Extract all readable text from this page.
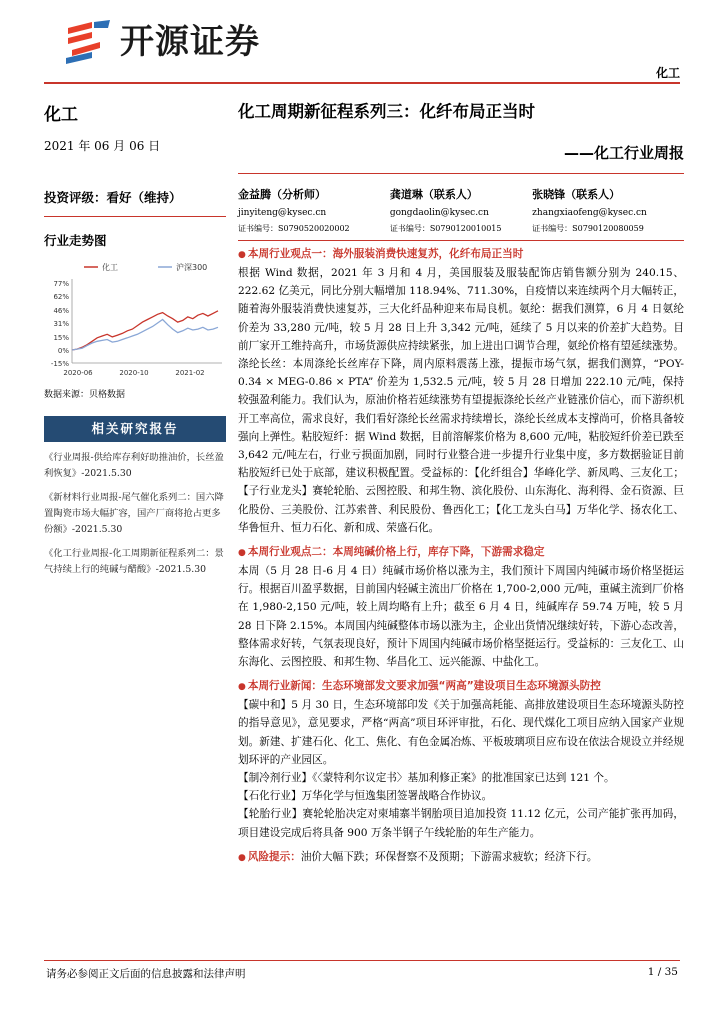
开源证券
化工
化工
2021 年 06 月 06 日
投资评级：看好（维持）
行业走势图
化工	沪深300
77%
62%
46%
31%
15%
0%
-15%
2020-06	2020-10	2021-02
数据来源：贝格数据
相关研究报告
《行业周报-供给库存利好助推油价，长丝盈利恢复》-2021.5.30
《新材料行业周报-尾气催化系列二：国六降置陶瓷市场大幅扩容，国产厂商将抢占更多份额》-2021.5.30
《化工行业周报-化工周期新征程系列二：景气持续上行的纯碱与醋酸》-2021.5.30
化工周期新征程系列三：化纤布局正当时
——化工行业周报
金益腾（分析师）
jinyiteng@kysec.cn
证书编号：S0790520020002
龚道琳（联系人）
gongdaolin@kysec.cn
证书编号：S0790120010015
张晓锋（联系人）
zhangxiaofeng@kysec.cn
证书编号：S0790120080059
● 本周行业观点一：海外服装消费快速复苏，化纤布局正当时

根据 Wind 数据，2021 年 3 月和 4 月，美国服装及服装配饰店销售额分别为 240.15、222.62 亿美元，同比分别大幅增加 118.94%、711.30%，自疫情以来连续两个月大幅转正，随着海外服装消费快速复苏，三大化纤品种迎来布局良机。氨纶：据我们测算，6 月 4 日氨纶价差为 33,280 元/吨，较 5 月 28 日上升 3,342 元/吨，延续了 5 月以来的价差扩大趋势。目前厂家开工维持高升，市场货源供应持续紧张，加上进出口调节合理，氨纶价格有望延续涨势。涤纶长丝：本周涤纶长丝库存下降，周内原料震荡上涨，提振市场气氛，据我们测算，“POY-0.34 × MEG-0.86 × PTA” 价差为 1,532.5 元/吨，较 5 月 28 日增加 222.10 元/吨，保持较强盈利能力。我们认为，原油价格若延续涨势有望提振涤纶长丝产业链涨价信心，而下游织机开工率高位，需求良好，我们看好涤纶长丝需求持续增长，涤纶长丝成本支撑尚可，价格具备较强向上弹性。粘胶短纤：据 Wind 数据，目前溶解浆价格为 8,600 元/吨，粘胶短纤价差已跌至 3,642 元/吨左右，行业亏损面加剧，同时行业整合进一步提升行业集中度，多方数据验证目前粘胶短纤已处于底部，建议积极配置。受益标的：【化纤组合】华峰化学、新凤鸣、三友化工；【子行业龙头】赛轮轮胎、云图控股、和邦生物、滨化股份、山东海化、海利得、金石资源、巨化股份、三美股份、江苏索普、利民股份、鲁西化工；【化工龙头白马】万华化学、扬农化工、华鲁恒升、恒力石化、新和成、荣盛石化。

● 本周行业观点二：本周纯碱价格上行，库存下降，下游需求稳定

本周（5 月 28 日-6 月 4 日）纯碱市场价格以涨为主，我们预计下周国内纯碱市场价格坚挺运行。根据百川盈孚数据，目前国内轻碱主流出厂价格在 1,700-2,000 元/吨，重碱主流到厂价格在 1,980-2,150 元/吨，较上周均略有上升；截至 6 月 4 日，纯碱库存 59.74 万吨，较 5 月 28 日下降 2.15%。本周国内纯碱整体市场以涨为主，企业出货情况继续好转，下游心态改善，整体需求好转，气氛表现良好，预计下周国内纯碱市场价格坚挺运行。受益标的：三友化工、山东海化、云图控股、和邦生物、华昌化工、远兴能源、中盐化工。

● 本周行业新闻：生态环境部发文要求加强“两高”建设项目生态环境源头防控

【碳中和】5 月 30 日，生态环境部印发《关于加强高耗能、高排放建设项目生态环境源头防控的指导意见》，意见要求，严格“两高”项目环评审批，石化、现代煤化工项目应纳入国家产业规划。新建、扩建石化、化工、焦化、有色金属冶炼、平板玻璃项目应布设在依法合规设立并经规划环评的产业园区。

【制冷剂行业】《〈蒙特利尔议定书〉基加利修正案》的批准国家已达到 121 个。

【石化行业】万华化学与恒逸集团签署战略合作协议。

【轮胎行业】赛轮轮胎决定对柬埔寨半钢胎项目追加投资 11.12 亿元，公司产能扩张再加码，项目建设完成后将具备 900 万条半钢子午线轮胎的年生产能力。

● 风险提示：油价大幅下跌；环保督察不及预期；下游需求疲软；经济下行。
请务必参阅正文后面的信息披露和法律声明	1 / 35
